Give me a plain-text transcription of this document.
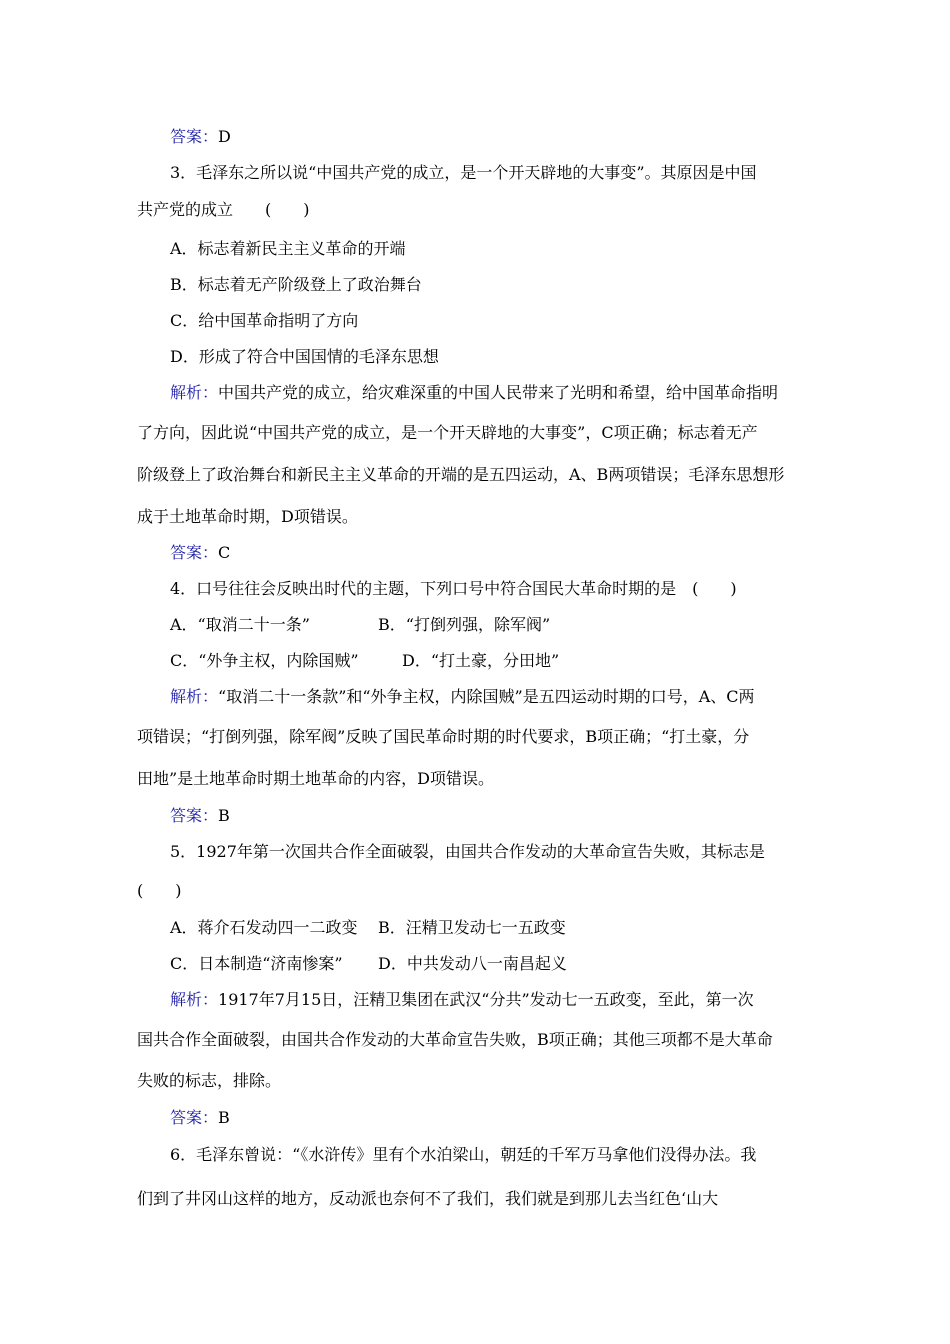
答案：D
3．毛泽东之所以说“中国共产党的成立，是一个开天辟地的大事变”。其原因是中国
共产党的成立　　(　　)
A．标志着新民主主义革命的开端
B．标志着无产阶级登上了政治舞台
C．给中国革命指明了方向
D．形成了符合中国国情的毛泽东思想
解析：中国共产党的成立，给灾难深重的中国人民带来了光明和希望，给中国革命指明
了方向，因此说“中国共产党的成立，是一个开天辟地的大事变”，C项正确；标志着无产
阶级登上了政治舞台和新民主主义革命的开端的是五四运动，A、B两项错误；毛泽东思想形
成于土地革命时期，D项错误。
答案：C
4．口号往往会反映出时代的主题，下列口号中符合国民大革命时期的是　(　　)
A．“取消二十一条”	B．“打倒列强，除军阀”
C．“外争主权，内除国贼”	D．“打土豪，分田地”
解析：“取消二十一条款”和“外争主权，内除国贼”是五四运动时期的口号，A、C两
项错误；“打倒列强，除军阀”反映了国民革命时期的时代要求，B项正确；“打土豪，分
田地”是土地革命时期土地革命的内容，D项错误。
答案：B
5．1927年第一次国共合作全面破裂，由国共合作发动的大革命宣告失败，其标志是
(　　)
A．蒋介石发动四一二政变 B．汪精卫发动七一五政变
C．日本制造“济南惨案” D．中共发动八一南昌起义
解析：1917年7月15日，汪精卫集团在武汉“分共”发动七一五政变，至此，第一次
国共合作全面破裂，由国共合作发动的大革命宣告失败，B项正确；其他三项都不是大革命
失败的标志，排除。
答案：B
6．毛泽东曾说：“《水浒传》里有个水泊梁山，朝廷的千军万马拿他们没得办法。我
们到了井冈山这样的地方，反动派也奈何不了我们，我们就是到那儿去当红色‘山大
